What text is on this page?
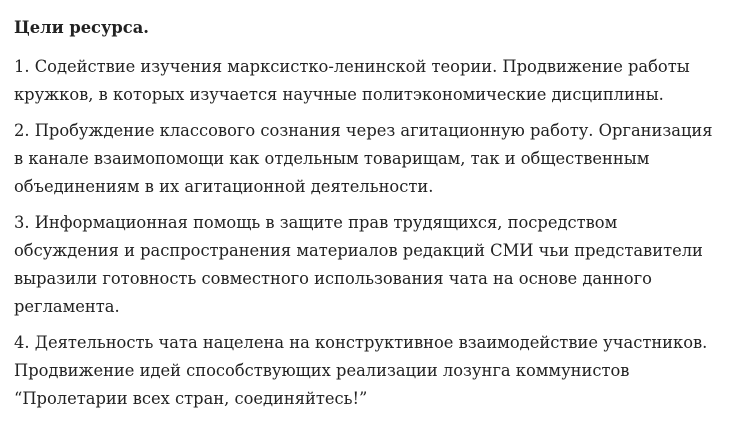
Цели ресурса.

1. Содействие изучения марксистко-ленинской теории. Продвижение работы
кружков, в которых изучается научные политэкономические дисциплины.

2. Пробуждение классового сознания через агитационную работу. Организация
в канале взаимопомощи как отдельным товарищам, так и общественным
объединениям в их агитационной деятельности.

3. Информационная помощь в защите прав трудящихся, посредством
обсуждения и распространения материалов редакций СМИ чьи представители
выразили готовность совместного использования чата на основе данного
регламента.

4. Деятельность чата нацелена на конструктивное взаимодействие участников.
Продвижение идей способствующих реализации лозунга коммунистов
“Пролетарии всех стран, соединяйтесь!”
